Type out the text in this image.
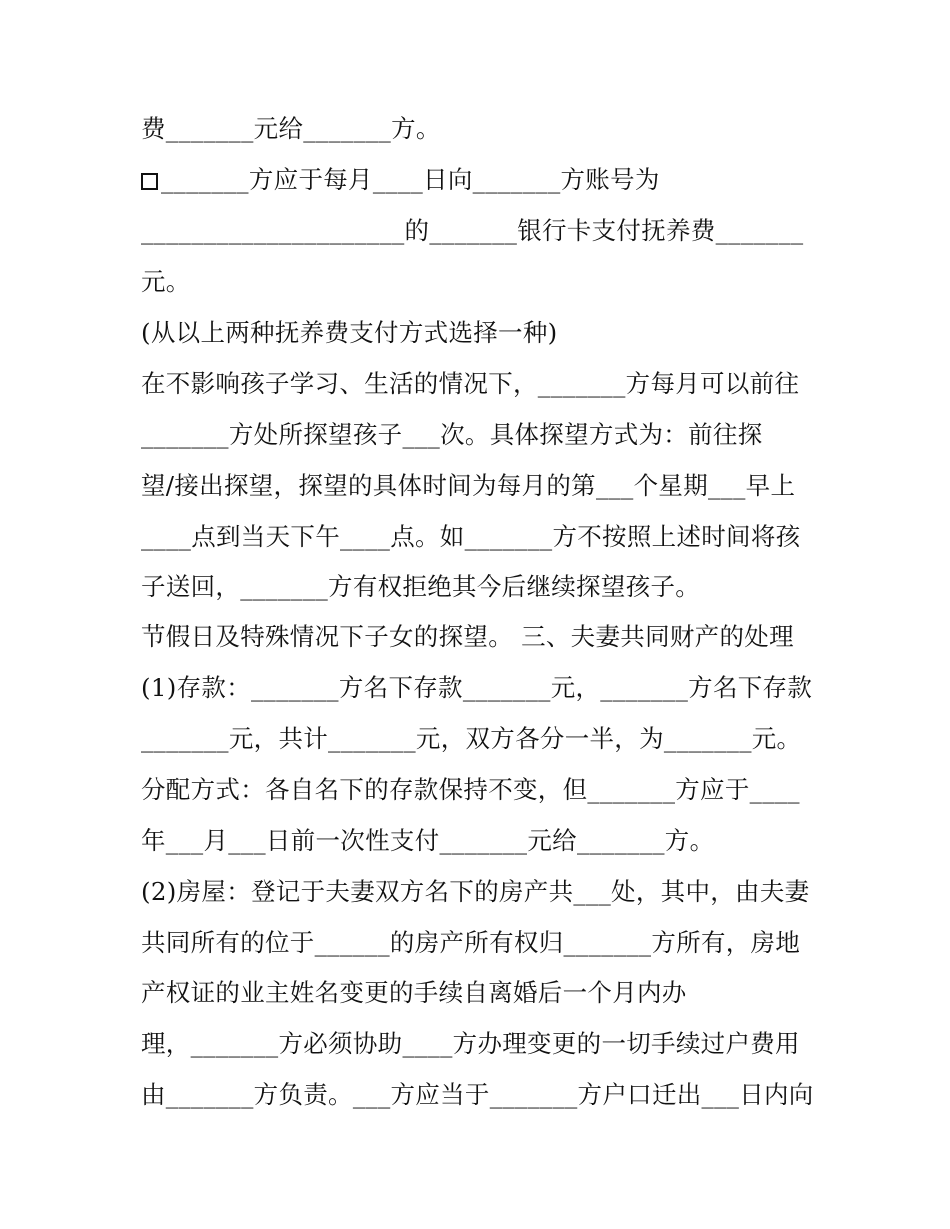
费_______元给_______方。
_______方应于每月____日向_______方账号为
_____________________的_______银行卡支付抚养费_______
元。
(从以上两种抚养费支付方式选择一种)
在不影响孩子学习、生活的情况下，_______方每月可以前往
_______方处所探望孩子___次。具体探望方式为：前往探
望/接出探望，探望的具体时间为每月的第___个星期___早上
____点到当天下午____点。如_______方不按照上述时间将孩
子送回，_______方有权拒绝其今后继续探望孩子。
节假日及特殊情况下子女的探望。 三、夫妻共同财产的处理
(1)存款：_______方名下存款_______元，_______方名下存款
_______元，共计_______元，双方各分一半，为_______元。
分配方式：各自名下的存款保持不变，但_______方应于____
年___月___日前一次性支付_______元给_______方。
(2)房屋：登记于夫妻双方名下的房产共___处，其中，由夫妻
共同所有的位于______的房产所有权归_______方所有，房地
产权证的业主姓名变更的手续自离婚后一个月内办
理，_______方必须协助____方办理变更的一切手续过户费用
由_______方负责。___方应当于_______方户口迁出___日内向
